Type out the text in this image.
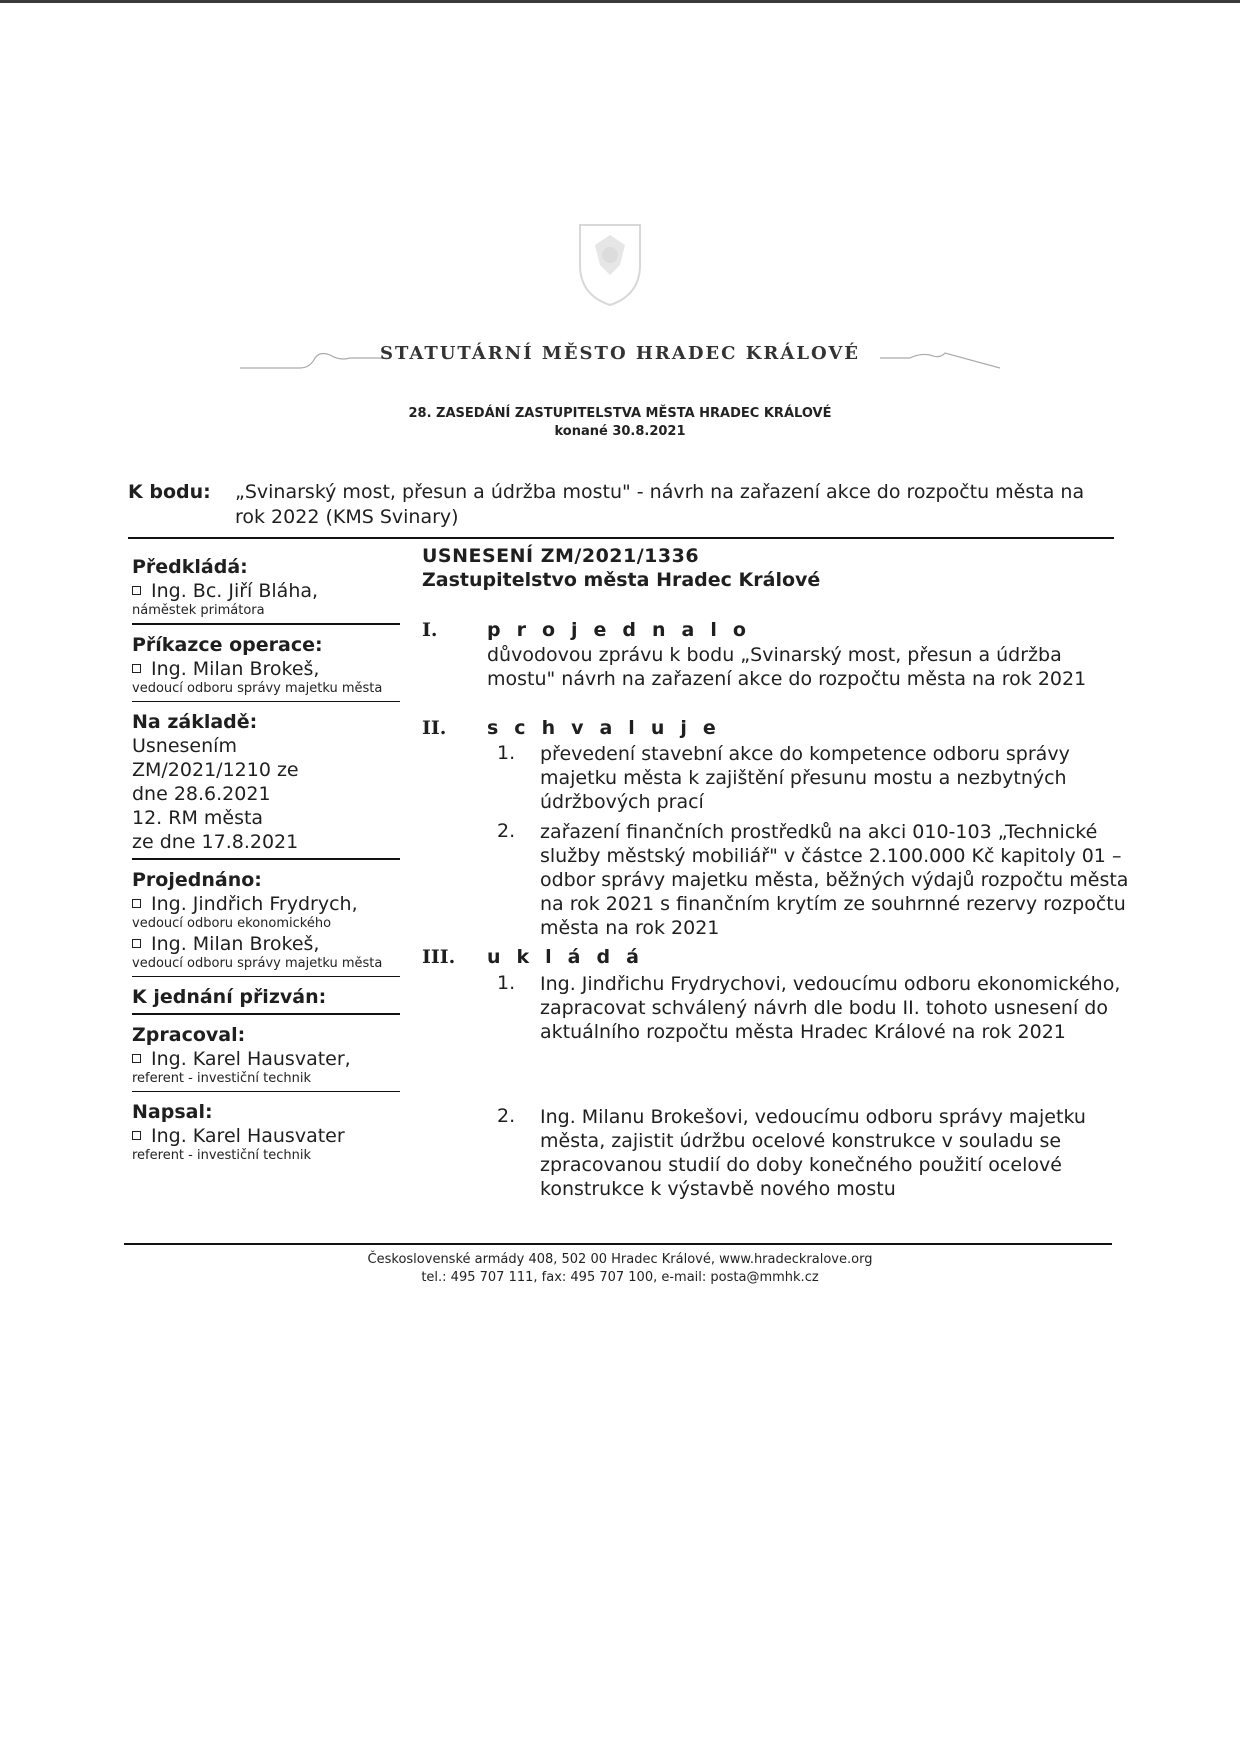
STATUTÁRNÍ MĚSTO HRADEC KRÁLOVÉ
28. ZASEDÁNÍ ZASTUPITELSTVA MĚSTA HRADEC KRÁLOVÉ
konané 30.8.2021
K bodu: „Svinarský most, přesun a údržba mostu" - návrh na zařazení akce do rozpočtu města na rok 2022 (KMS Svinary)

Předkládá:

Ing. Bc. Jiří Bláha,
náměstek primátora

Příkazce operace:

Ing. Milan Brokeš,
vedoucí odboru správy majetku města

Na základě:

Usnesením
ZM/2021/1210 ze
dne 28.6.2021
12. RM města
ze dne 17.8.2021

Projednáno:

Ing. Jindřich Frydrych,
vedoucí odboru ekonomického
Ing. Milan Brokeš,
vedoucí odboru správy majetku města

K jednání přizván:

Zpracoval:

Ing. Karel Hausvater,
referent - investiční technik

Napsal:

Ing. Karel Hausvater
referent - investiční technik
USNESENÍ ZM/2021/1336
Zastupitelstvo města Hradec Králové
I.	projednalo
důvodovou zprávu k bodu „Svinarský most, přesun a údržba mostu" návrh na zařazení akce do rozpočtu města na rok 2021
II. schvaluje
1. převedení stavební akce do kompetence odboru správy majetku města k zajištění přesunu mostu a nezbytných údržbových prací
2. zařazení finančních prostředků na akci 010-103 „Technické služby městský mobiliář" v částce 2.100.000 Kč kapitoly 01 – odbor správy majetku města, běžných výdajů rozpočtu města na rok 2021 s finančním krytím ze souhrnné rezervy rozpočtu města na rok 2021
III. ukládá
1. Ing. Jindřichu Frydrychovi, vedoucímu odboru ekonomického, zapracovat schválený návrh dle bodu II. tohoto usnesení do aktuálního rozpočtu města Hradec Králové na rok 2021
2. Ing. Milanu Brokešovi, vedoucímu odboru správy majetku města, zajistit údržbu ocelové konstrukce v souladu se zpracovanou studií do doby konečného použití ocelové konstrukce k výstavbě nového mostu
Československé armády 408, 502 00 Hradec Králové, www.hradeckralove.org
tel.: 495 707 111, fax: 495 707 100, e-mail: posta@mmhk.cz
